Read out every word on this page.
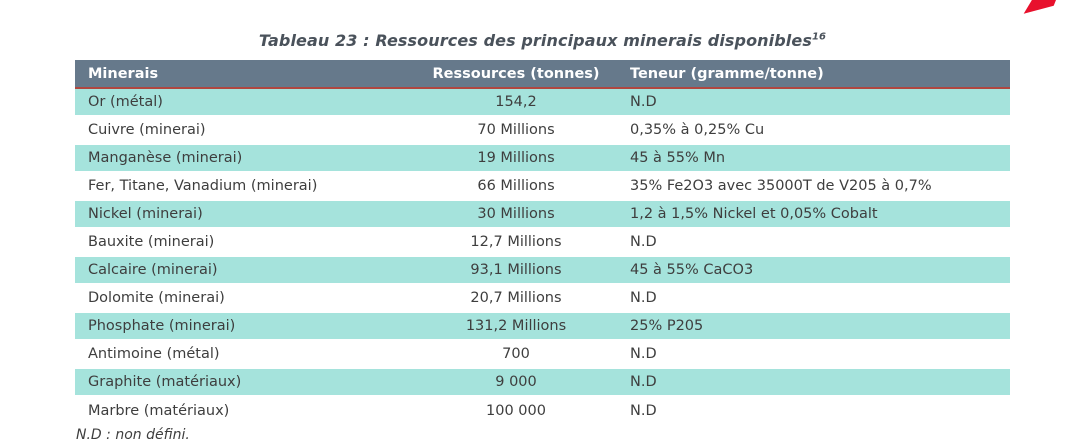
Tableau 23 : Ressources des principaux minerais disponibles$^{16}$
Minerais	Ressources (tonnes)	Teneur (gramme/tonne)
Or (métal)	154,2	N.D
Cuivre (minerai)	70 Millions	0,35% à 0,25% Cu
Manganèse (minerai)	19 Millions	45 à 55% Mn
Fer, Titane, Vanadium (minerai)	66 Millions	35% Fe2O3 avec 35000T de V205 à 0,7%
Nickel (minerai)	30 Millions	1,2 à 1,5% Nickel et 0,05% Cobalt
Bauxite (minerai)	12,7 Millions	N.D
Calcaire (minerai)	93,1 Millions	45 à 55% CaCO3
Dolomite (minerai)	20,7 Millions	N.D
Phosphate (minerai)	131,2 Millions	25% P205
Antimoine (métal)	700	N.D
Graphite (matériaux)	9 000	N.D
Marbre (matériaux)	100 000	N.D
N.D : non défini.
